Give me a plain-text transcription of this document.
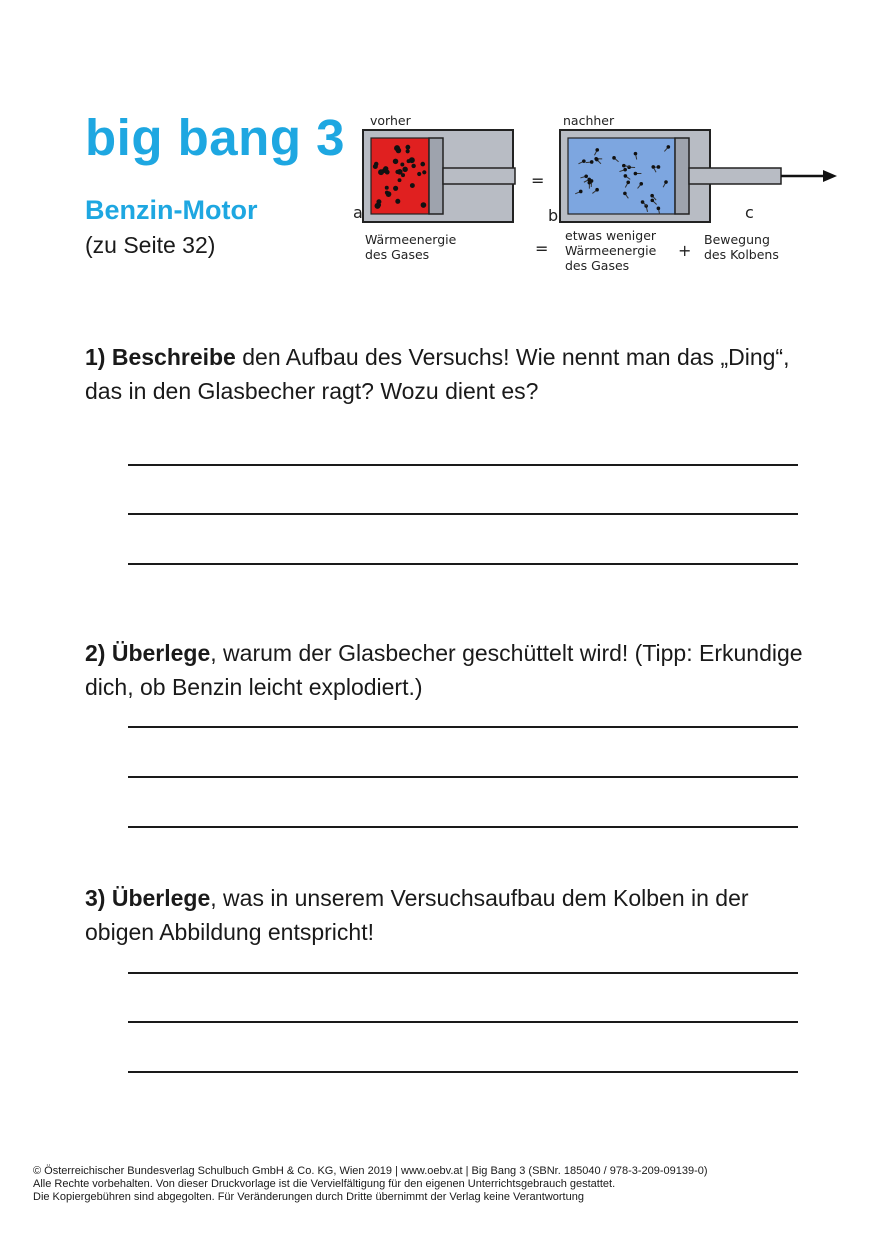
big bang 3
Benzin-Motor
(zu Seite 32)
vorher	nachher
a	b	c
=
Wärmeenergie
des Gases	=
etwas weniger
Wärmeenergie
des Gases
+
Bewegung
des Kolbens
1) Beschreibe den Aufbau des Versuchs! Wie nennt man das „Ding“, das in den Glasbecher ragt? Wozu dient es?
2) Überlege, warum der Glasbecher geschüttelt wird! (Tipp: Erkundige dich, ob Benzin leicht explodiert.)
3) Überlege, was in unserem Versuchsaufbau dem Kolben in der obigen Abbildung entspricht!
© Österreichischer Bundesverlag Schulbuch GmbH & Co. KG, Wien 2019 | www.oebv.at | Big Bang 3 (SBNr. 185040 / 978-3-209-09139-0)
Alle Rechte vorbehalten. Von dieser Druckvorlage ist die Vervielfältigung für den eigenen Unterrichtsgebrauch gestattet.
Die Kopiergebühren sind abgegolten. Für Veränderungen durch Dritte übernimmt der Verlag keine Verantwortung
